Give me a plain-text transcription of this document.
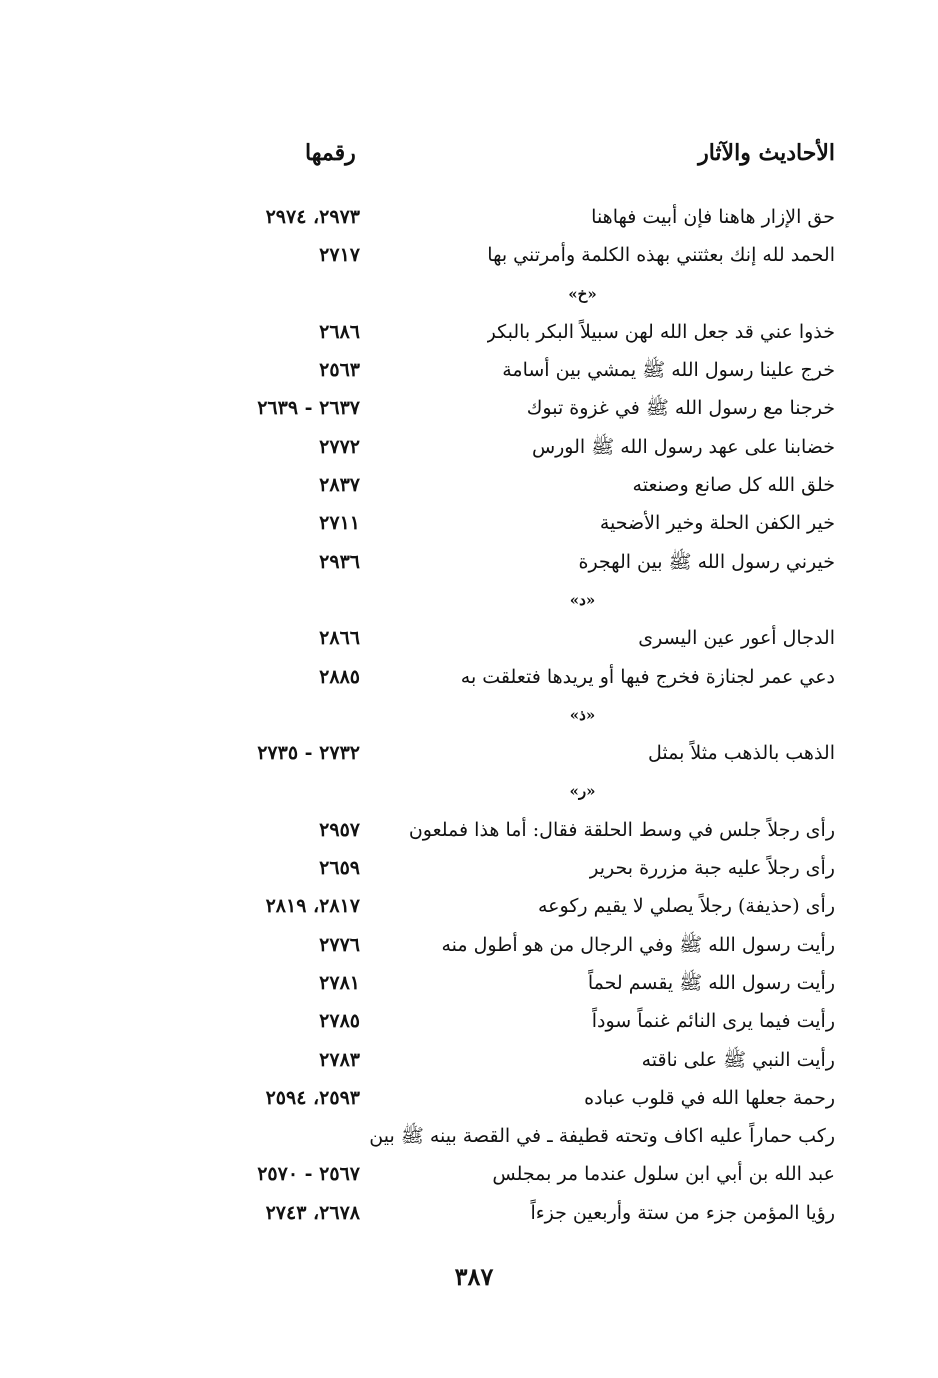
الأحاديث والآثار
رقمها
حق الإزار هاهنا فإن أبيت فهاهنا
٢٩٧٣، ٢٩٧٤
الحمد لله إنك بعثتني بهذه الكلمة وأمرتني بها
٢٧١٧
«خ»
خذوا عني قد جعل الله لهن سبيلاً البكر بالبكر
٢٦٨٦
خرج علينا رسول الله ﷺ يمشي بين أسامة
٢٥٦٣
خرجنا مع رسول الله ﷺ في غزوة تبوك
٢٦٣٧ - ٢٦٣٩
خضابنا على عهد رسول الله ﷺ الورس
٢٧٧٢
خلق الله كل صانع وصنعته
٢٨٣٧
خير الكفن الحلة وخير الأضحية
٢٧١١
خيرني رسول الله ﷺ بين الهجرة
٢٩٣٦
«د»
الدجال أعور عين اليسرى
٢٨٦٦
دعي عمر لجنازة فخرج فيها أو يريدها فتعلقت به
٢٨٨٥
«ذ»
الذهب بالذهب مثلاً بمثل
٢٧٣٢ - ٢٧٣٥
«ر»
رأى رجلاً جلس في وسط الحلقة فقال: أما هذا فملعون
٢٩٥٧
رأى رجلاً عليه جبة مزررة بحرير
٢٦٥٩
رأى (حذيفة) رجلاً يصلي لا يقيم ركوعه
٢٨١٧، ٢٨١٩
رأيت رسول الله ﷺ وفي الرجال من هو أطول منه
٢٧٧٦
رأيت رسول الله ﷺ يقسم لحماً
٢٧٨١
رأيت فيما يرى النائم غنماً سوداً
٢٧٨٥
رأيت النبي ﷺ على ناقته
٢٧٨٣
رحمة جعلها الله في قلوب عباده
٢٥٩٣، ٢٥٩٤
ركب حماراً عليه اكاف وتحته قطيفة ـ في القصة بينه ﷺ بين
عبد الله بن أبي ابن سلول عندما مر بمجلس
٢٥٦٧ - ٢٥٧٠
رؤيا المؤمن جزء من ستة وأربعين جزءاً
٢٦٧٨، ٢٧٤٣
٣٨٧
